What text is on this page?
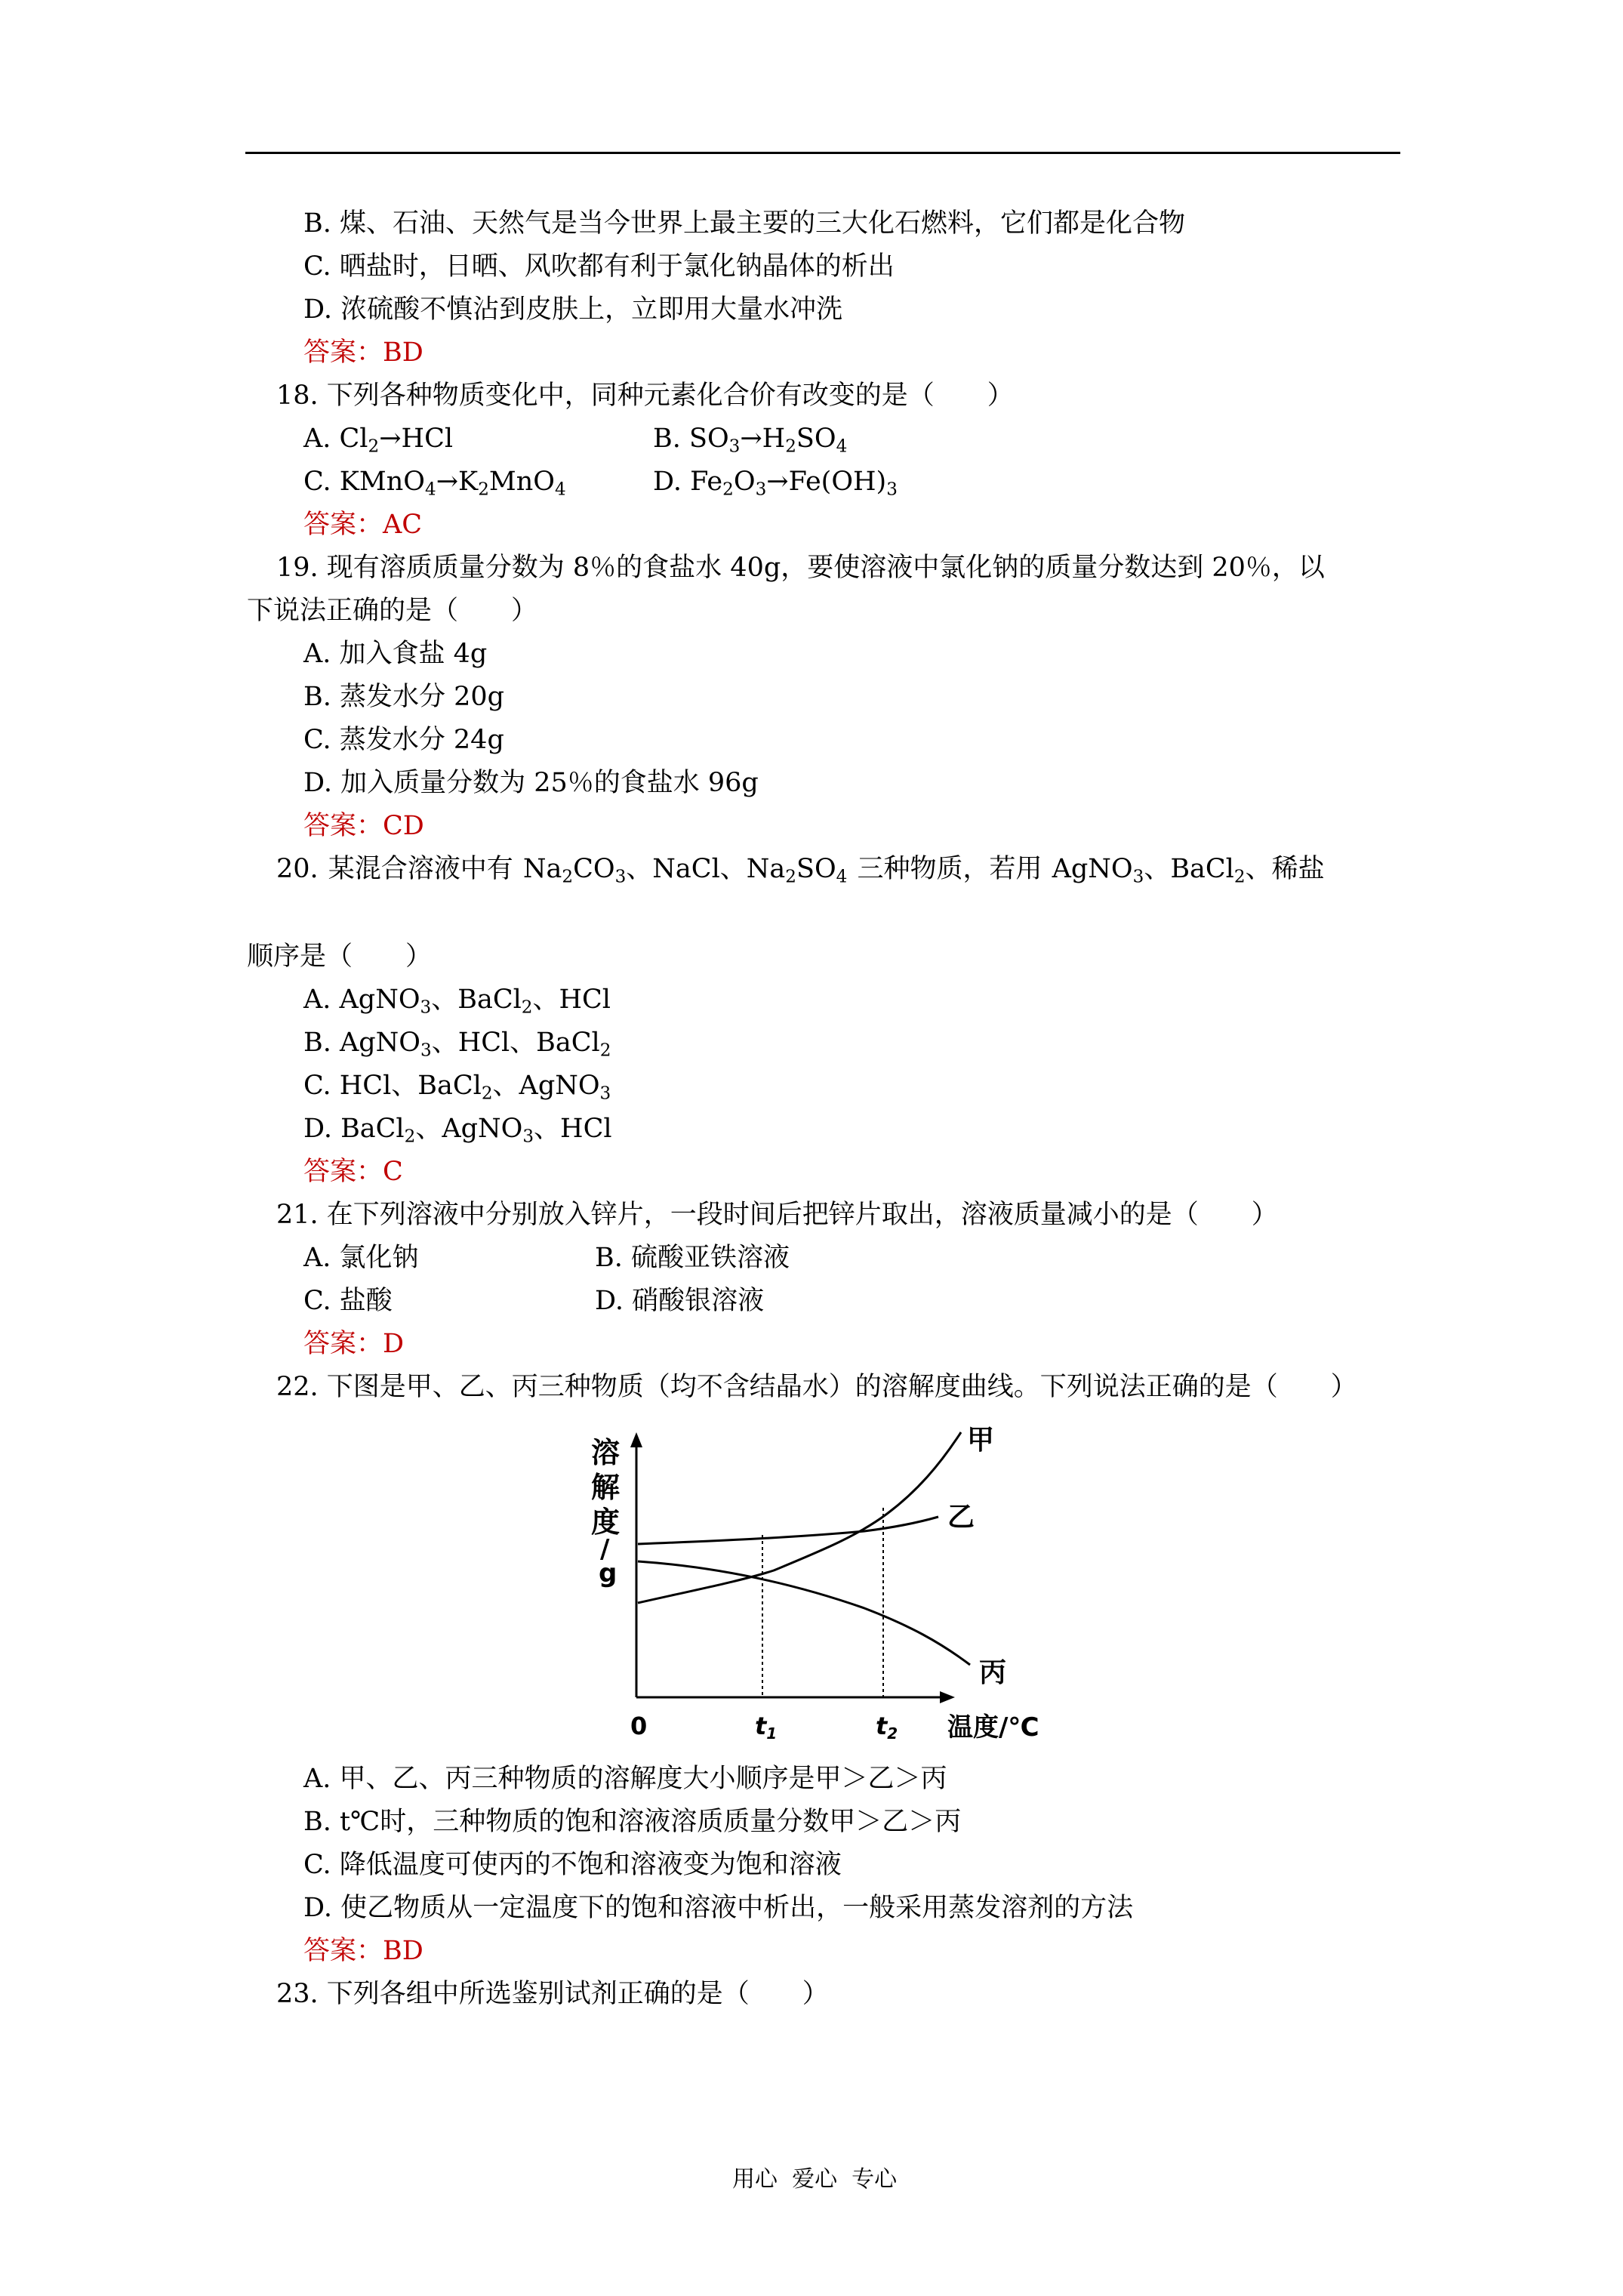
B. 煤、石油、天然气是当今世界上最主要的三大化石燃料，它们都是化合物
C. 晒盐时，日晒、风吹都有利于氯化钠晶体的析出
D. 浓硫酸不慎沾到皮肤上，立即用大量水冲洗
答案：BD
18. 下列各种物质变化中，同种元素化合价有改变的是（　　）
A. $Cl_2\to HCl$	B. $SO_3\to H_2SO_4$
C. $KMnO_4\to K_2MnO_4$	D. $Fe_2O_3\to Fe(OH)_3$
答案：AC
19. 现有溶质质量分数为 8％的食盐水 40g，要使溶液中氯化钠的质量分数达到 20％，以
下说法正确的是（　　）
A. 加入食盐 4g
B. 蒸发水分 20g
C. 蒸发水分 24g
D. 加入质量分数为 25％的食盐水 96g
答案：CD
20. 某混合溶液中有 $Na_2CO_3$、NaCl、$Na_2SO_4$ 三种物质，若用 AgNO$_3$、BaCl$_2$、稀盐
顺序是（　　）
A. AgNO$_3$、BaCl$_2$、HCl
B. AgNO$_3$、HCl、BaCl$_2$
C. HCl、BaCl$_2$、AgNO$_3$
D. BaCl$_2$、AgNO$_3$、HCl
答案：C
21. 在下列溶液中分别放入锌片，一段时间后把锌片取出，溶液质量减小的是（　　）
A. 氯化钠	B. 硫酸亚铁溶液
C. 盐酸	D. 硝酸银溶液
答案：D
22. 下图是甲、乙、丙三种物质（均不含结晶水）的溶解度曲线。下列说法正确的是（　　）
溶
解
度
/
g
甲
乙
丙
0	t1	t2 温度/℃
A. 甲、乙、丙三种物质的溶解度大小顺序是甲＞乙＞丙
B. t℃时，三种物质的饱和溶液溶质质量分数甲＞乙＞丙
C. 降低温度可使丙的不饱和溶液变为饱和溶液
D. 使乙物质从一定温度下的饱和溶液中析出，一般采用蒸发溶剂的方法
答案：BD
23. 下列各组中所选鉴别试剂正确的是（　　）
用心  爱心  专心
